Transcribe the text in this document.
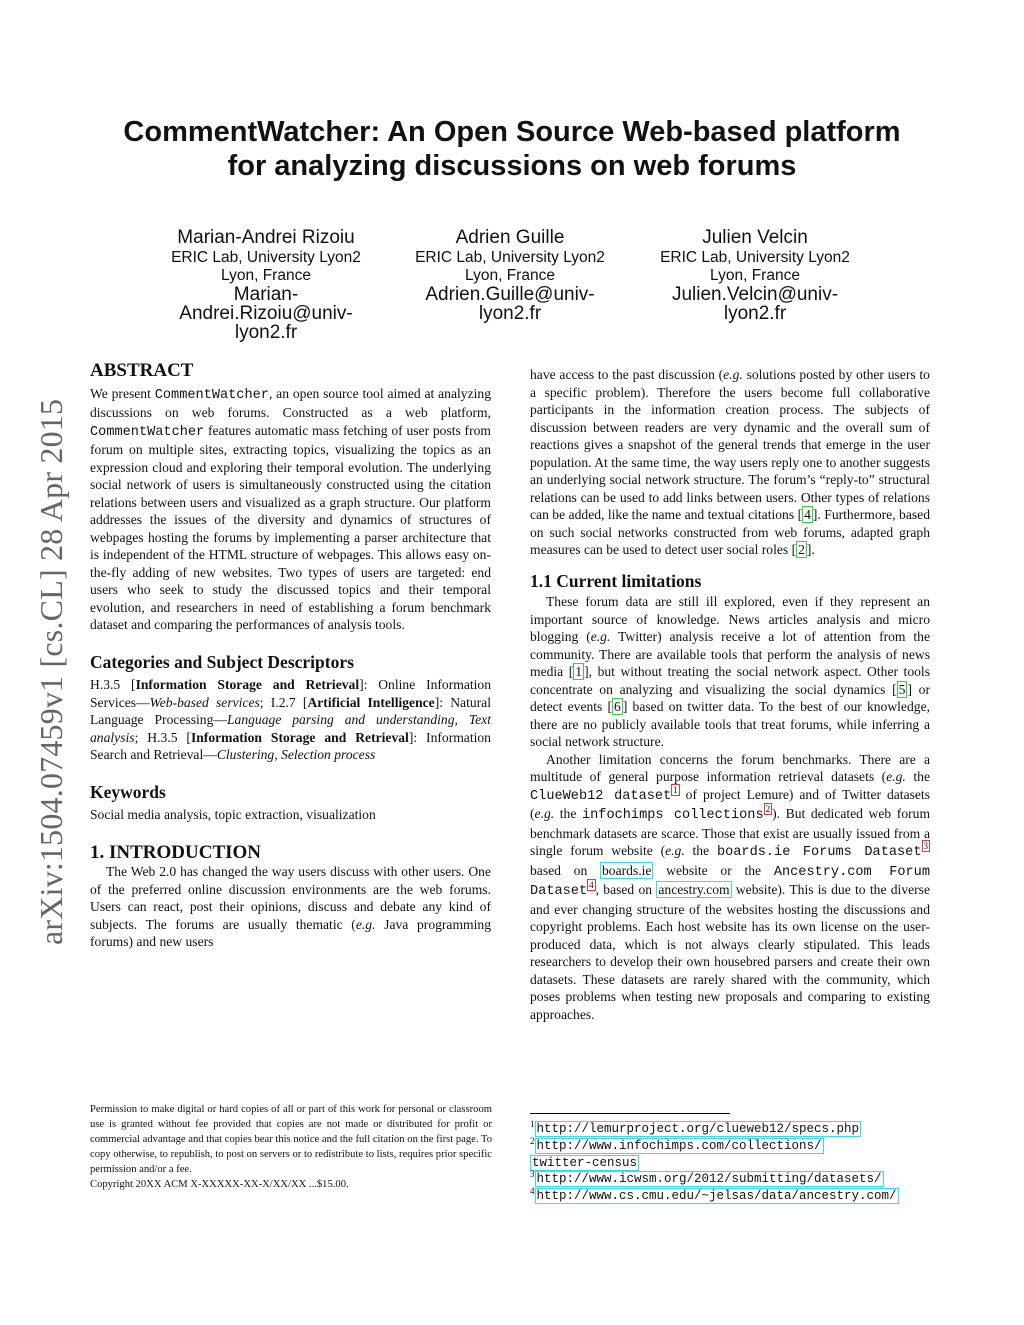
CommentWatcher: An Open Source Web-based platform
for analyzing discussions on web forums
Marian-Andrei Rizoiu
ERIC Lab, University Lyon2
Lyon, France
Marian-
Andrei.Rizoiu@univ-
lyon2.fr
Adrien Guille
ERIC Lab, University Lyon2
Lyon, France
Adrien.Guille@univ-
lyon2.fr
Julien Velcin
ERIC Lab, University Lyon2
Lyon, France
Julien.Velcin@univ-
lyon2.fr
arXiv:1504.07459v1 [cs.CL] 28 Apr 2015

ABSTRACT

We present CommentWatcher, an open source tool aimed at analyzing discussions on web forums. Constructed as a web platform, CommentWatcher features automatic mass fetching of user posts from forum on multiple sites, extracting topics, visualizing the topics as an expression cloud and exploring their temporal evolution. The underlying social network of users is simultaneously constructed using the citation relations between users and visualized as a graph structure. Our platform addresses the issues of the diversity and dynamics of structures of webpages hosting the forums by implementing a parser architecture that is independent of the HTML structure of webpages. This allows easy on-the-fly adding of new websites. Two types of users are targeted: end users who seek to study the discussed topics and their temporal evolution, and researchers in need of establishing a forum benchmark dataset and comparing the performances of analysis tools.

Categories and Subject Descriptors

H.3.5 [Information Storage and Retrieval]: Online Information Services—Web-based services; I.2.7 [Artificial Intelligence]: Natural Language Processing—Language parsing and understanding, Text analysis; H.3.5 [Information Storage and Retrieval]: Information Search and Retrieval—Clustering, Selection process

Keywords

Social media analysis, topic extraction, visualization

1. INTRODUCTION

The Web 2.0 has changed the way users discuss with other users. One of the preferred online discussion environments are the web forums. Users can react, post their opinions, discuss and debate any kind of subjects. The forums are usually thematic (e.g. Java programming forums) and new users

Permission to make digital or hard copies of all or part of this work for personal or classroom use is granted without fee provided that copies are not made or distributed for profit or commercial advantage and that copies bear this notice and the full citation on the first page. To copy otherwise, to republish, to post on servers or to redistribute to lists, requires prior specific permission and/or a fee.
Copyright 20XX ACM X-XXXXX-XX-X/XX/XX ...$15.00.

have access to the past discussion (e.g. solutions posted by other users to a specific problem). Therefore the users become full collaborative participants in the information creation process. The subjects of discussion between readers are very dynamic and the overall sum of reactions gives a snapshot of the general trends that emerge in the user population. At the same time, the way users reply one to another suggests an underlying social network structure. The forum’s “reply-to” structural relations can be used to add links between users. Other types of relations can be added, like the name and textual citations [ 4 ]. Furthermore, based on such social networks constructed from web forums, adapted graph measures can be used to detect user social roles [ 2 ].

1.1 Current limitations

These forum data are still ill explored, even if they represent an important source of knowledge. News articles analysis and micro blogging (e.g. Twitter) analysis receive a lot of attention from the community. There are available tools that perform the analysis of news media [ 1 ], but without treating the social network aspect. Other tools concentrate on analyzing and visualizing the social dynamics [ 5 ] or detect events [ 6 ] based on twitter data. To the best of our knowledge, there are no publicly available tools that treat forums, while inferring a social network structure.

Another limitation concerns the forum benchmarks. There are a multitude of general purpose information retrieval datasets (e.g. the ClueWeb12 dataset $^1$ of project Lemure) and of Twitter datasets (e.g. the infochimps collections $^2$ ). But dedicated web forum benchmark datasets are scarce. Those that exist are usually issued from a single forum website (e.g. the boards.ie Forums Dataset $^3$ based on boards.ie website or the Ancestry.com Forum Dataset $^4$ , based on ancestry.com website). This is due to the diverse and ever changing structure of the websites hosting the discussions and copyright problems. Each host website has its own license on the user-produced data, which is not always clearly stipulated. This leads researchers to develop their own housebred parsers and create their own datasets. These datasets are rarely shared with the community, which poses problems when testing new proposals and comparing to existing approaches.

$^1$ http://lemurproject.org/clueweb12/specs.php
$^2$ http://www.infochimps.com/collections/
twitter-census
$^3$ http://www.icwsm.org/2012/submitting/datasets/
$^4$ http://www.cs.cmu.edu/~jelsas/data/ancestry.com/
